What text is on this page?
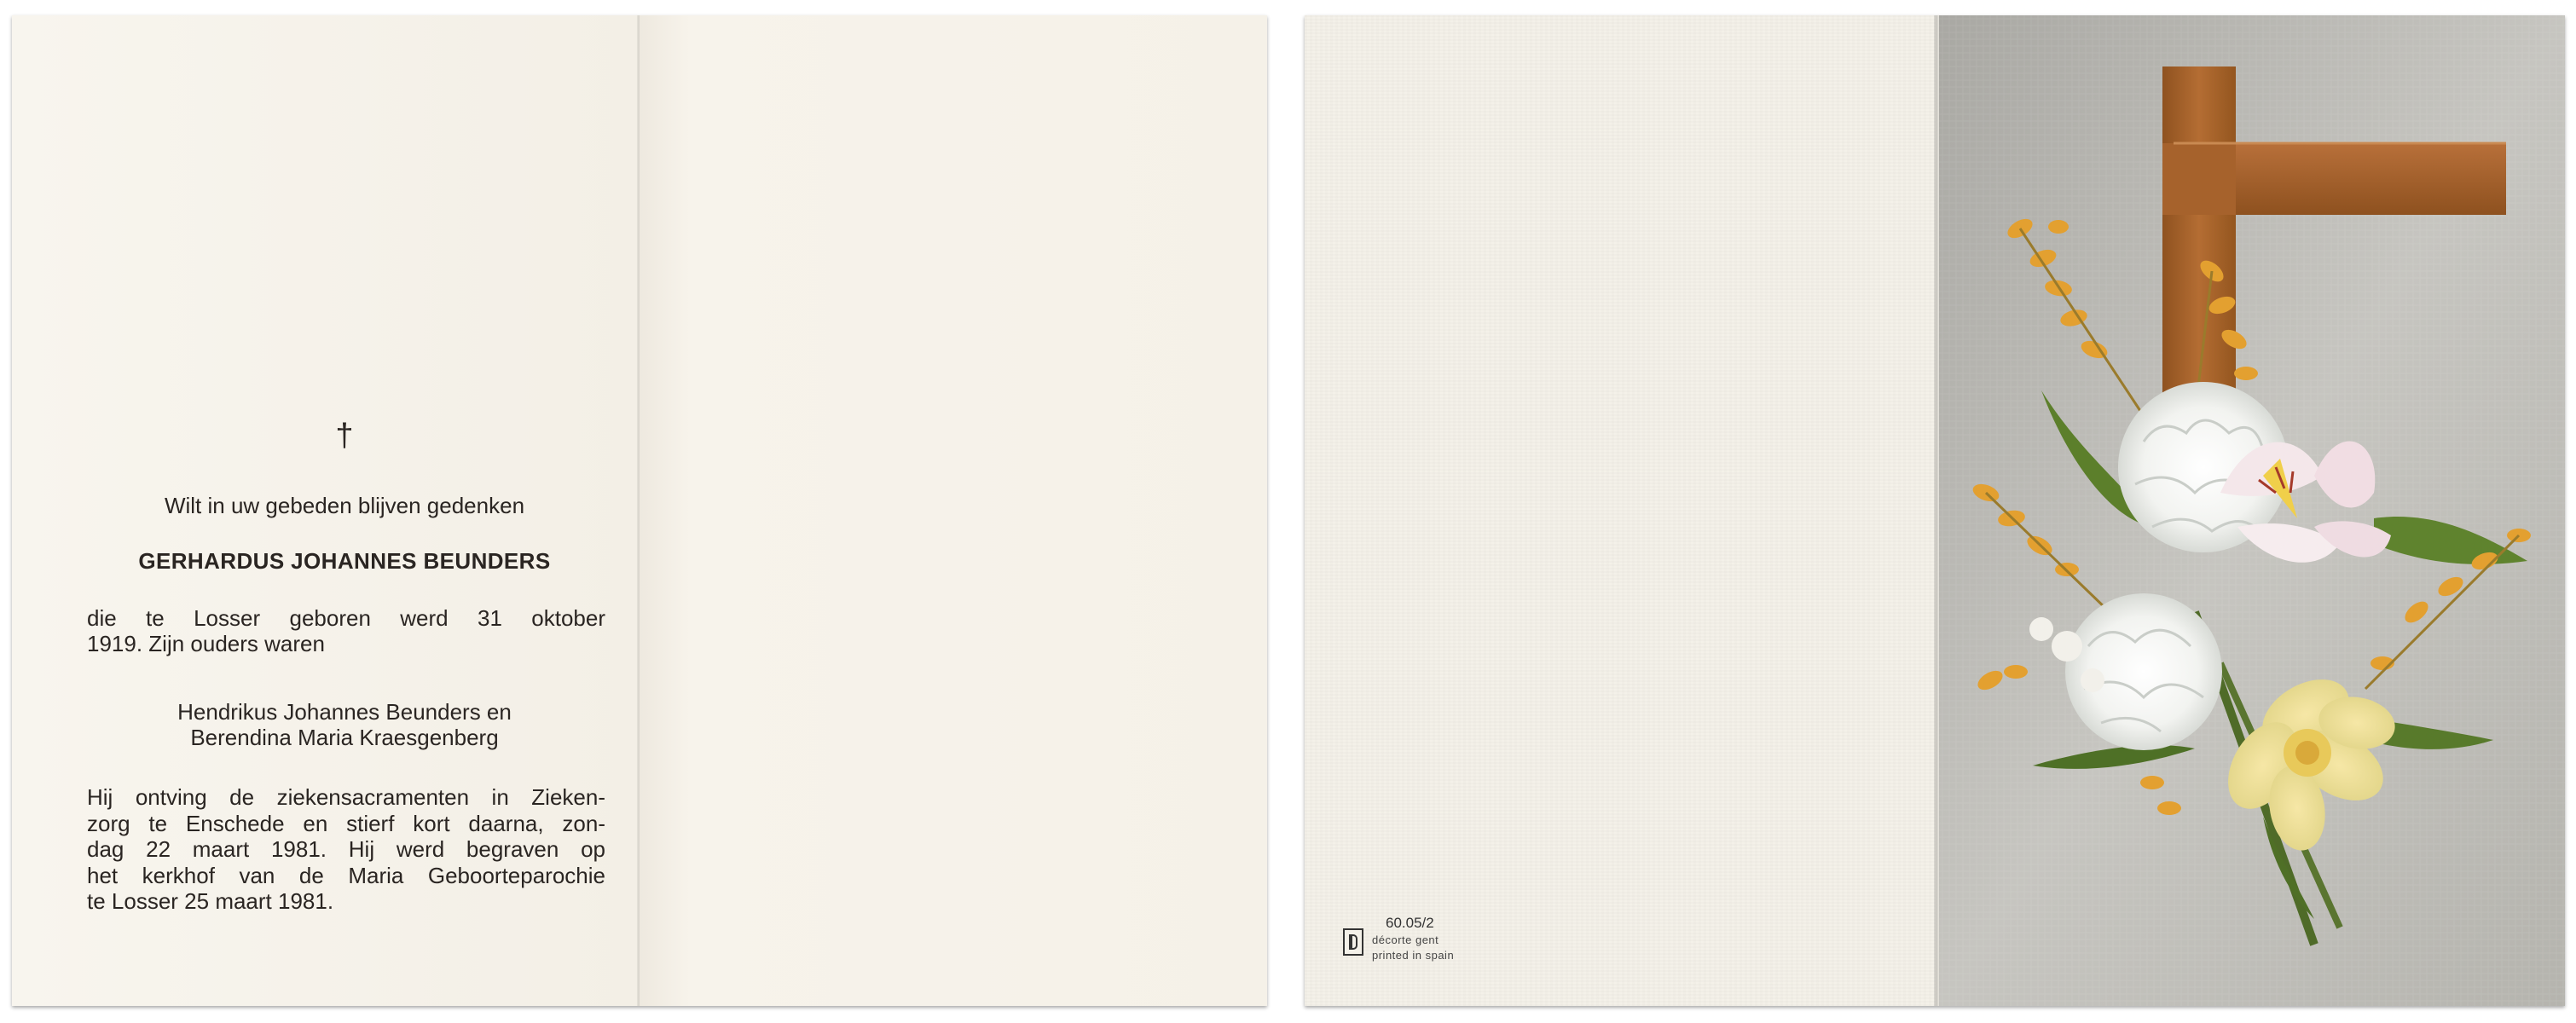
†
Wilt in uw gebeden blijven gedenken
GERHARDUS JOHANNES BEUNDERS
die te Losser geboren werd 31 oktober
1919. Zijn ouders waren
Hendrikus Johannes Beunders en
Berendina Maria Kraesgenberg
Hij ontving de ziekensacramenten in Zieken-
zorg te Enschede en stierf kort daarna, zon-
dag 22 maart 1981. Hij werd begraven op
het kerkhof van de Maria Geboorteparochie
te Losser 25 maart 1981.
60.05/2
décorte gent
printed in spain
